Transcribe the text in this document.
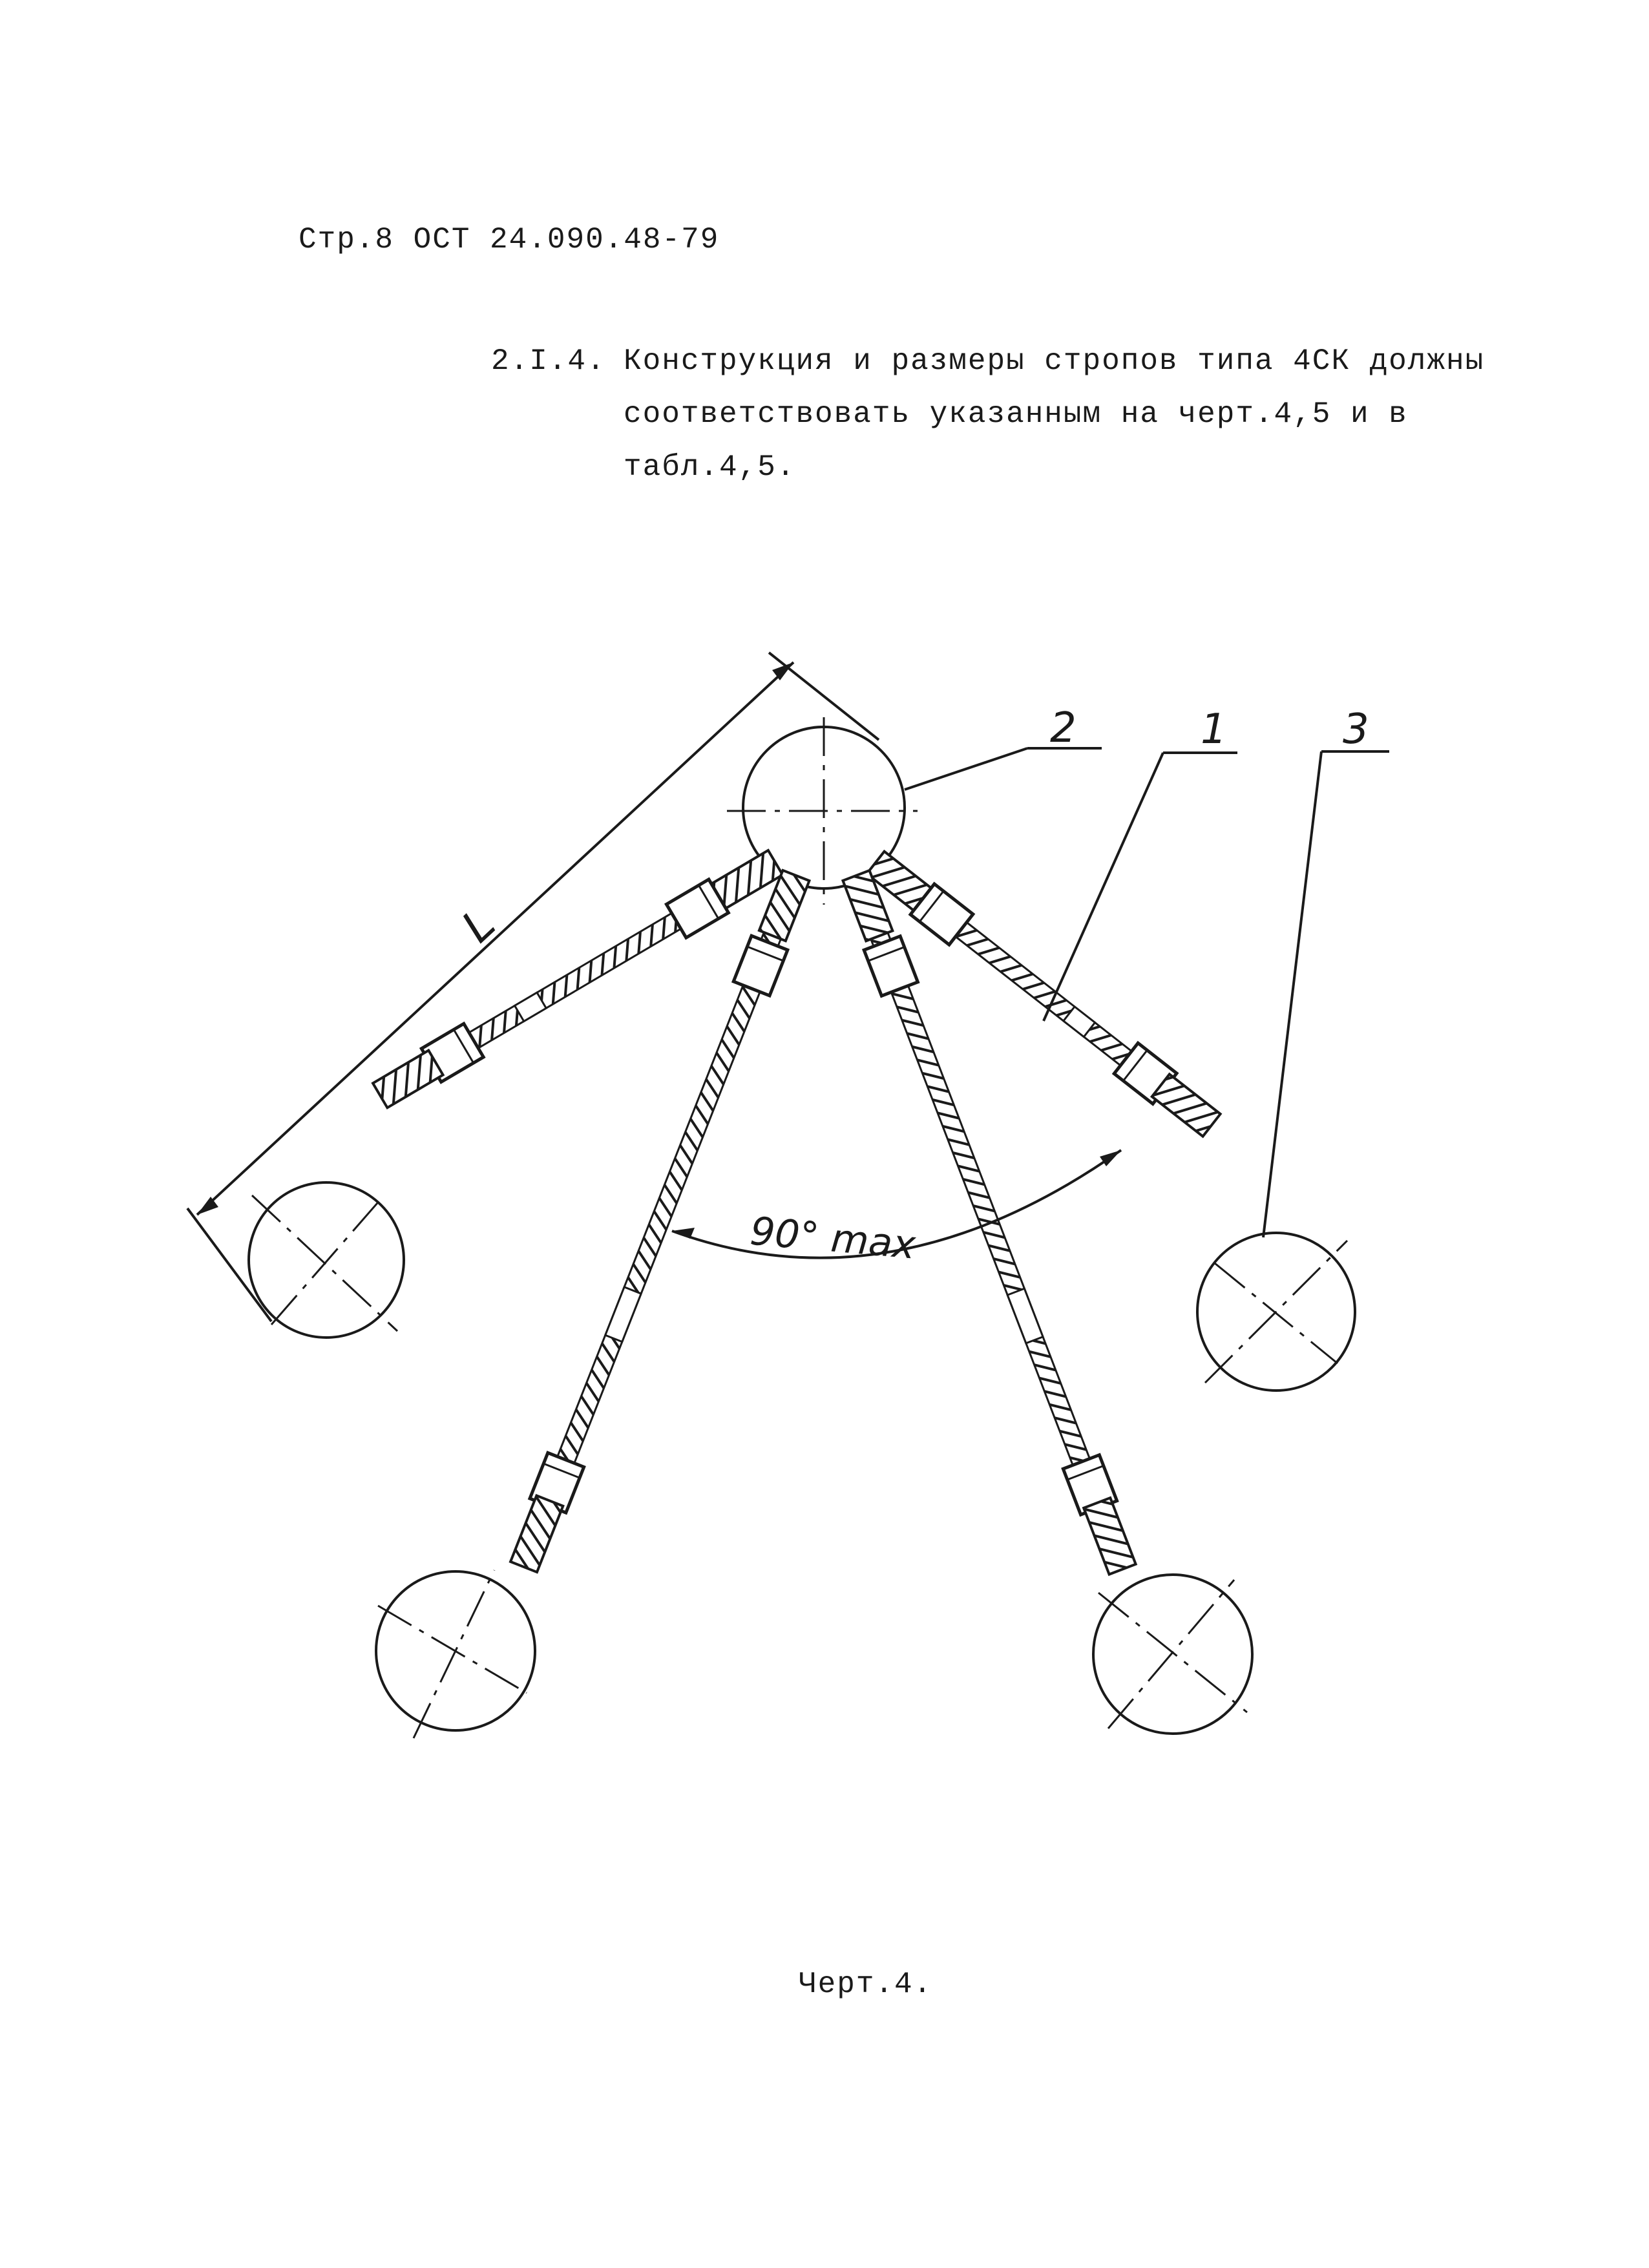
Стр.8 ОСТ 24.090.48-79
2.I.4. Конструкция и размеры стропов типа 4СК должны
соответствовать указанным на черт.4,5 и в
табл.4,5.
L
90° max
2	1	3
Черт.4.
